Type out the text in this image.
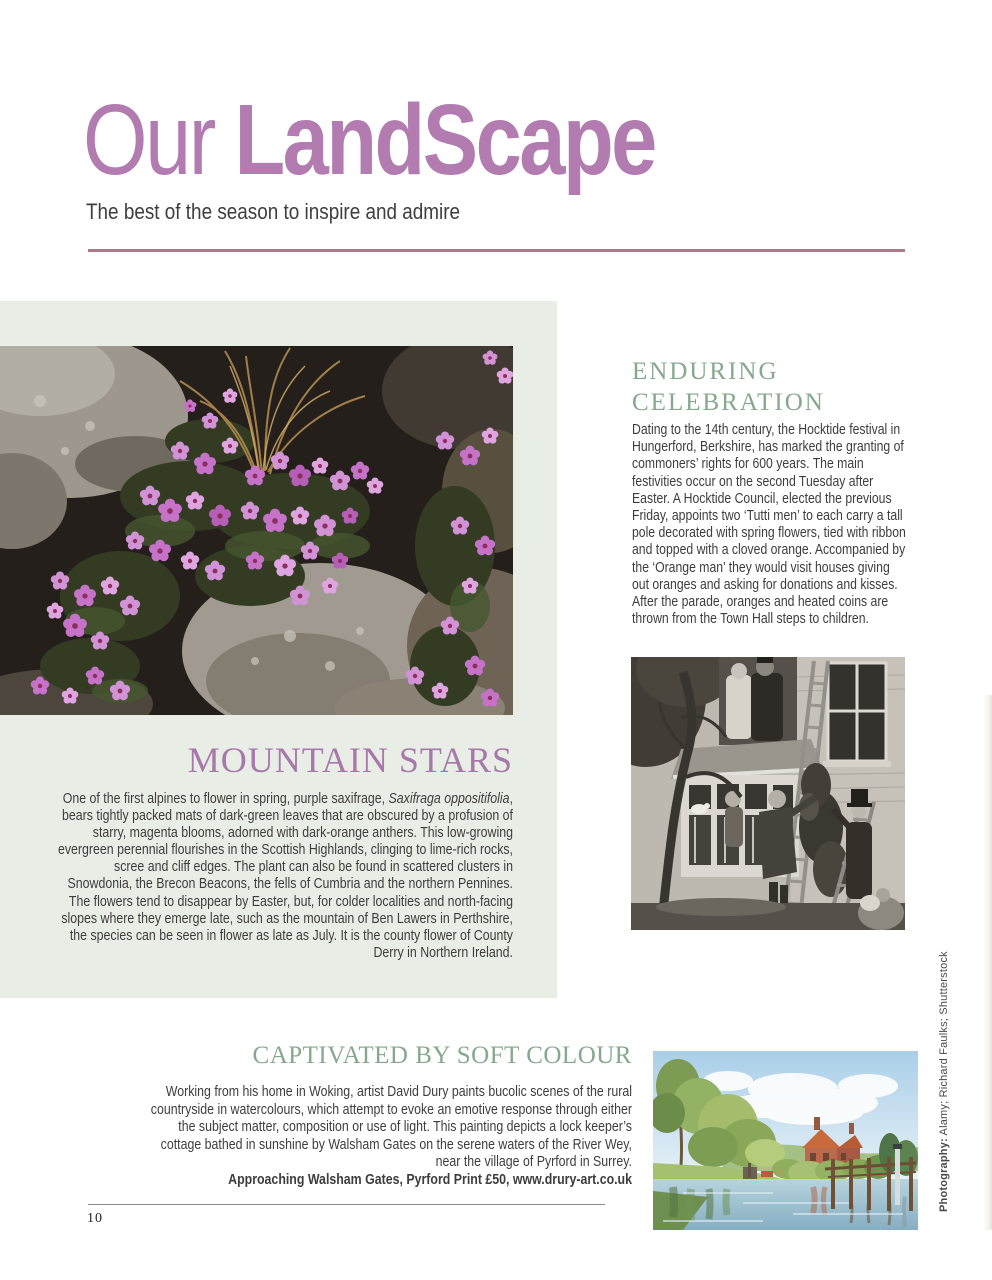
Our LandScape
The best of the season to inspire and admire
MOUNTAIN STARS
One of the first alpines to flower in spring, purple saxifrage, Saxifraga oppositifolia, bears tightly packed mats of dark-green leaves that are obscured by a profusion of starry, magenta blooms, adorned with dark-orange anthers. This low-growing evergreen perennial flourishes in the Scottish Highlands, clinging to lime-rich rocks, scree and cliff edges. The plant can also be found in scattered clusters in Snowdonia, the Brecon Beacons, the fells of Cumbria and the northern Pennines. The flowers tend to disappear by Easter, but, for colder localities and north-facing slopes where they emerge late, such as the mountain of Ben Lawers in Perthshire, the species can be seen in flower as late as July. It is the county flower of County Derry in Northern Ireland.
ENDURING
CELEBRATION
Dating to the 14th century, the Hocktide festival in Hungerford, Berkshire, has marked the granting of commoners’ rights for 600 years. The main festivities occur on the second Tuesday after Easter. A Hocktide Council, elected the previous Friday, appoints two ‘Tutti men’ to each carry a tall pole decorated with spring flowers, tied with ribbon and topped with a cloved orange. Accompanied by the ‘Orange man’ they would visit houses giving out oranges and asking for donations and kisses. After the parade, oranges and heated coins are thrown from the Town Hall steps to children.
CAPTIVATED BY SOFT COLOUR
Working from his home in Woking, artist David Dury paints bucolic scenes of the rural countryside in watercolours, which attempt to evoke an emotive response through either the subject matter, composition or use of light. This painting depicts a lock keeper’s cottage bathed in sunshine by Walsham Gates on the serene waters of the River Wey, near the village of Pyrford in Surrey.
Approaching Walsham Gates, Pyrford Print £50, www.drury-art.co.uk
10
Photography: Alamy; Richard Faulks; Shutterstock
